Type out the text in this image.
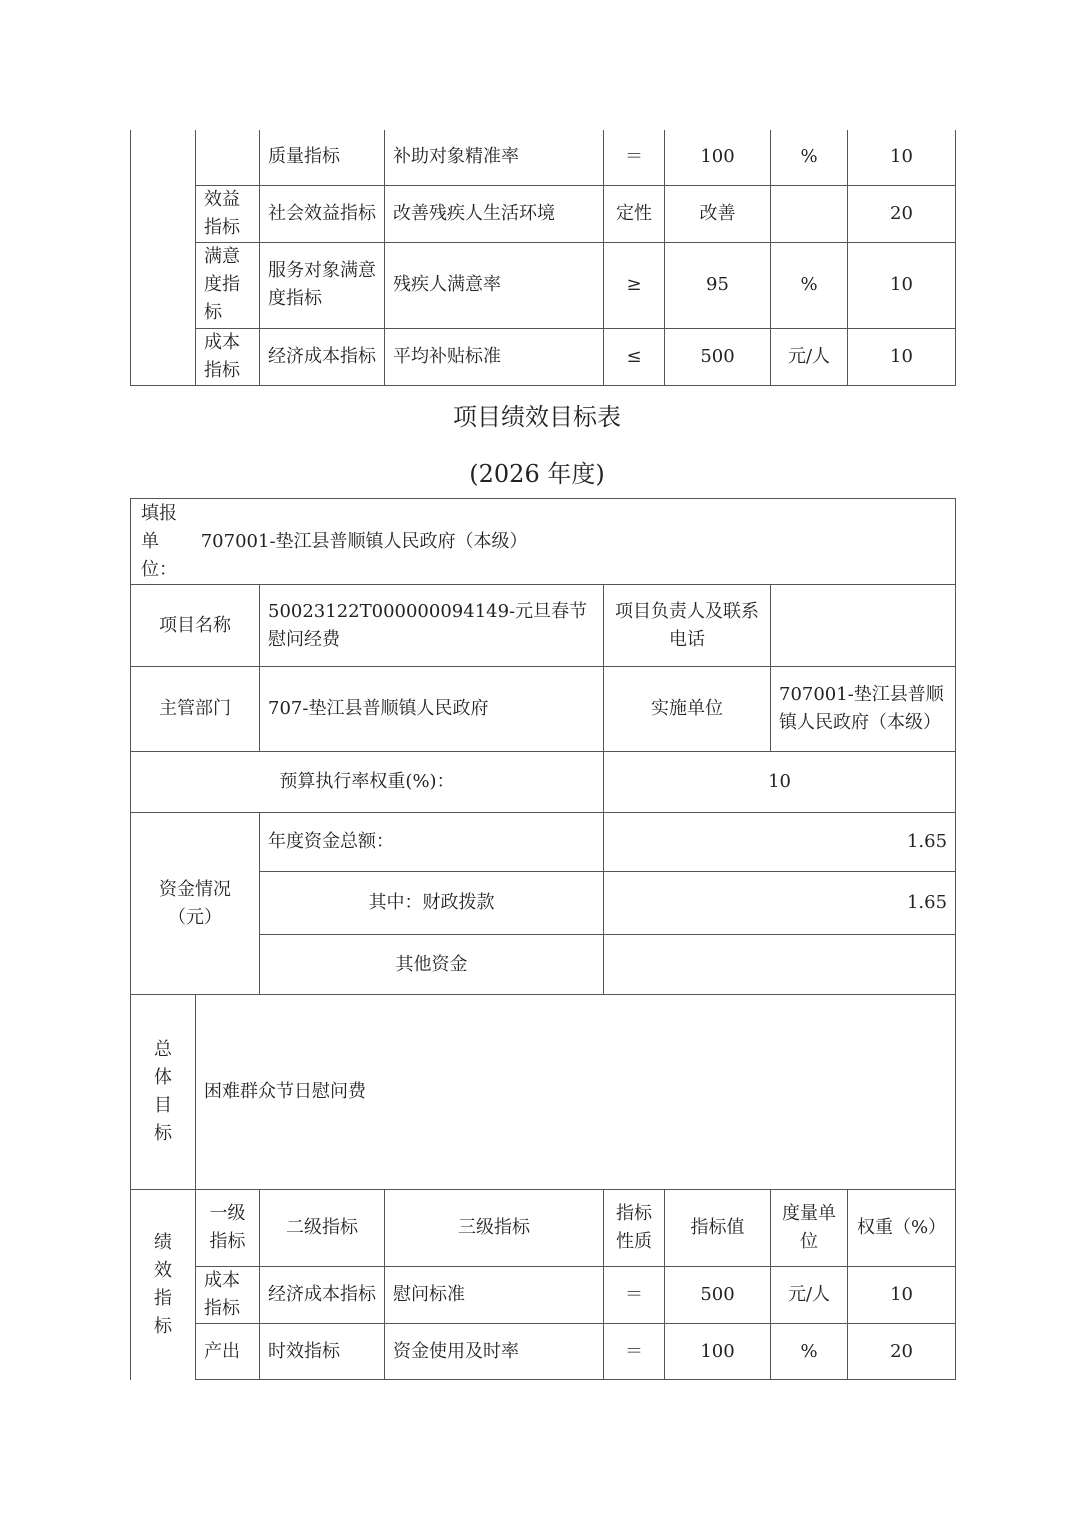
		质量指标	补助对象精准率	＝	100	%	10
	效益指标	社会效益指标	改善残疾人生活环境	定性	改善		20
	满意度指标	服务对象满意度指标	残疾人满意率	≥	95	%	10
	成本指标	经济成本指标	平均补贴标准	≤	500	元/人	10
项目绩效目标表
(2026 年度)
填报单位： 707001-垫江县普顺镇人民政府（本级）							
项目名称		50023122T000000094149-元旦春节慰问经费		项目负责人及联系电话			
主管部门		707-垫江县普顺镇人民政府		实施单位		707001-垫江县普顺镇人民政府（本级）	
预算执行率权重(%)：				10			
资金情况（元）		年度资金总额：		1.65			
		其中：财政拨款		1.65			
		其他资金					

总体目标	困难群众节日慰问费						

绩效指标	一级指标	二级指标	三级指标	指标性质	指标值	度量单位	权重（%）
	成本指标	经济成本指标	慰问标准	＝	500	元/人	10
	产出	时效指标	资金使用及时率	＝	100	%	20
